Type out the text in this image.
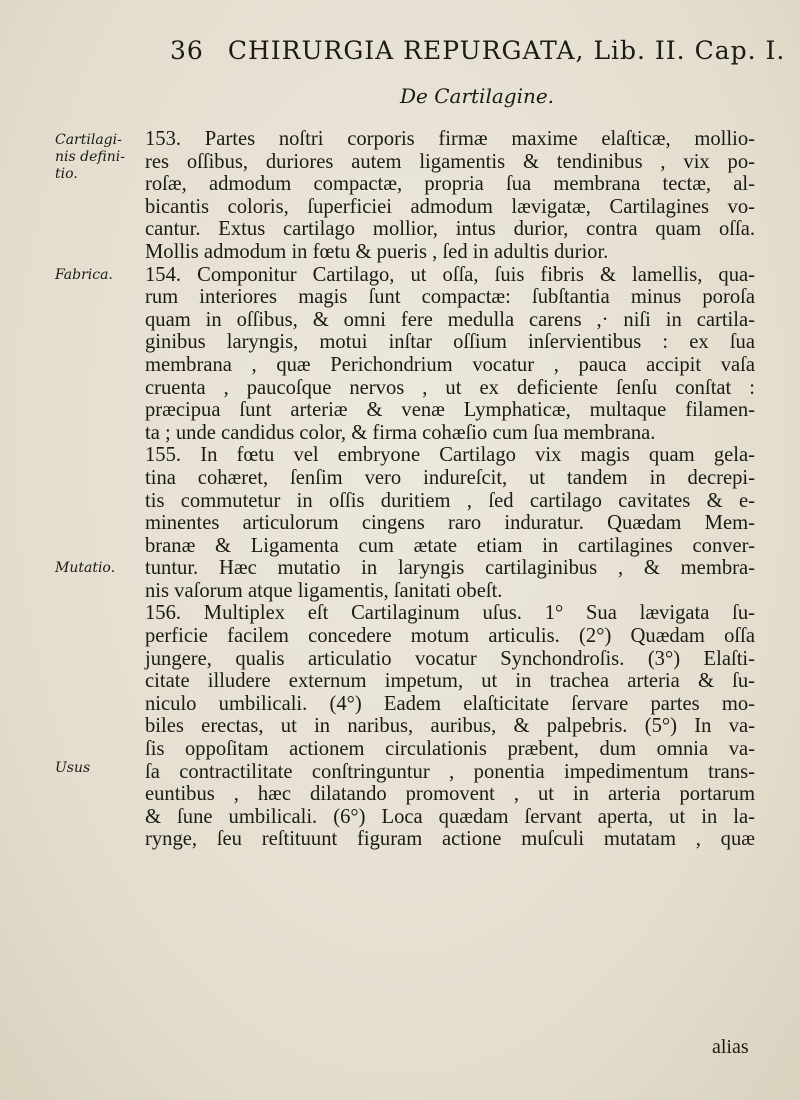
36 CHIRURGIA REPURGATA, Lib. II. Cap. I.
De Cartilagine.
Cartilagi-nis defini-tio.
Fabrica.
Mutatio.
Usus
153. Partes noſtri corporis firmæ maxime elaſticæ, mollio-
res oſſibus, duriores autem ligamentis & tendinibus , vix po-
roſæ, admodum compactæ, propria ſua membrana tectæ, al-
bicantis coloris, ſuperficiei admodum lævigatæ, Cartilagines vo-
cantur. Extus cartilago mollior, intus durior, contra quam oſſa.
Mollis admodum in fœtu & pueris , ſed in adultis durior.
154. Componitur Cartilago, ut oſſa, ſuis fibris & lamellis, qua-
rum interiores magis ſunt compactæ: ſubſtantia minus poroſa
quam in oſſibus, & omni fere medulla carens ,· niſi in cartila-
ginibus laryngis, motui inſtar oſſium inſervientibus : ex ſua
membrana , quæ Perichondrium vocatur , pauca accipit vaſa
cruenta , paucoſque nervos , ut ex deficiente ſenſu conſtat :
præcipua ſunt arteriæ & venæ Lymphaticæ, multaque filamen-
ta ; unde candidus color, & firma cohæſio cum ſua membrana.
155. In fœtu vel embryone Cartilago vix magis quam gela-
tina cohæret, ſenſim vero indureſcit, ut tandem in decrepi-
tis commutetur in oſſis duritiem , ſed cartilago cavitates & e-
minentes articulorum cingens raro induratur. Quædam Mem-
branæ & Ligamenta cum ætate etiam in cartilagines conver-
tuntur. Hæc mutatio in laryngis cartilaginibus , & membra-
nis vaſorum atque ligamentis, ſanitati obeſt.
156. Multiplex eſt Cartilaginum uſus. 1° Sua lævigata ſu-
perficie facilem concedere motum articulis. (2°) Quædam oſſa
jungere, qualis articulatio vocatur Synchondroſis. (3°) Elaſti-
citate illudere externum impetum, ut in trachea arteria & ſu-
niculo umbilicali. (4°) Eadem elaſticitate ſervare partes mo-
biles erectas, ut in naribus, auribus, & palpebris. (5°) In va-
ſis oppoſitam actionem circulationis præbent, dum omnia va-
ſa contractilitate conſtringuntur , ponentia impedimentum trans-
euntibus , hæc dilatando promovent , ut in arteria portarum
& ſune umbilicali. (6°) Loca quædam ſervant aperta, ut in la-
rynge, ſeu reſtituunt figuram actione muſculi mutatam , quæ
alias
